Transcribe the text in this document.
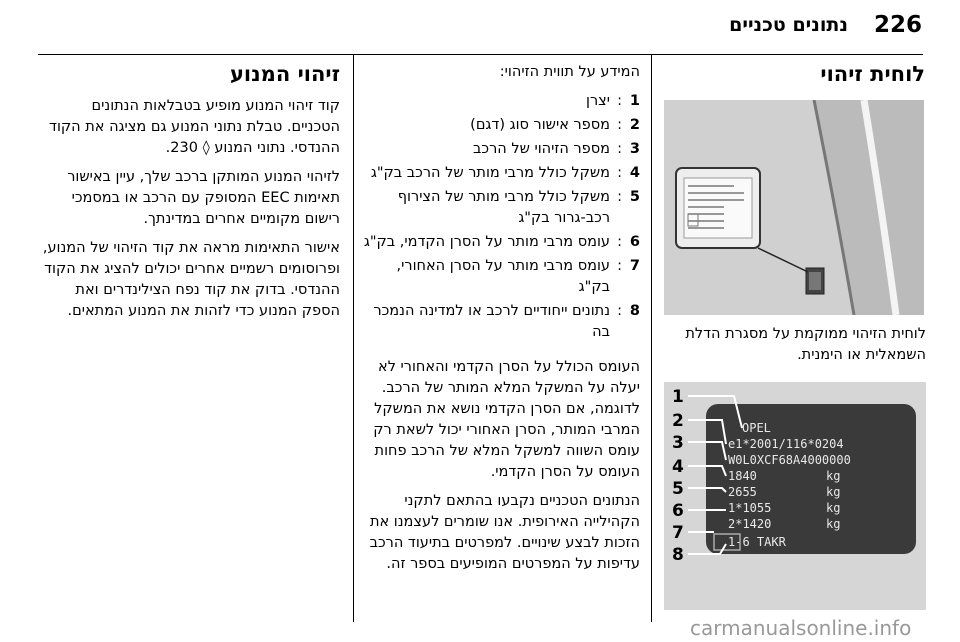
226
נתונים טכניים
לוחית זיהוי
לוחית הזיהוי ממוקמת על מסגרת הדלת השמאלית או הימנית.
OPEL
e1*2001/116*0204
W0L0XCF68A4000000
1840
2655
1*1055
2*1420
1-6 TAKR
kg
kg
kg
kg
1
2
3
4
5
6
7
8

המידע על תווית הזיהוי:

1
:
יצרן
2
:
מספר אישור סוג (דגם)
3
:
מספר הזיהוי של הרכב
4
:
משקל כולל מרבי מותר של הרכב בק"ג
5
:
משקל כולל מרבי מותר של הצירוף רכב-גרור בק"ג
6
:
עומס מרבי מותר על הסרן הקדמי, בק"ג
7
:
עומס מרבי מותר על הסרן האחורי, בק"ג
8
:
נתונים ייחודיים לרכב או למדינה הנמכר בה

העומס הכולל על הסרן הקדמי והאחורי לא יעלה על המשקל המלא המותר של הרכב. לדוגמה, אם הסרן הקדמי נושא את המשקל המרבי המותר, הסרן האחורי יכול לשאת רק עומס השווה למשקל המלא של הרכב פחות העומס על הסרן הקדמי.

הנתונים הטכניים נקבעו בהתאם לתקני הקהילייה האירופית. אנו שומרים לעצמנו את הזכות לבצע שינויים. למפרטים בתיעוד הרכב עדיפות על המפרטים המופיעים בספר זה.

זיהוי המנוע

קוד זיהוי המנוע מופיע בטבלאות הנתונים הטכניים. טבלת נתוני המנוע גם מציגה את הקוד ההנדסי. נתוני המנוע ◊ 230.

לזיהוי המנוע המותקן ברכב שלך, עיין באישור תאימות EEC המסופק עם הרכב או במסמכי רישום מקומיים אחרים במדינתך.

אישור התאימות מראה את קוד הזיהוי של המנוע, ופרוסומים רשמיים אחרים יכולים להציג את הקוד ההנדסי. בדוק את קוד נפח הצילינדרים ואת הספק המנוע כדי לזהות את המנוע המתאים.

carmanualsonline.info
